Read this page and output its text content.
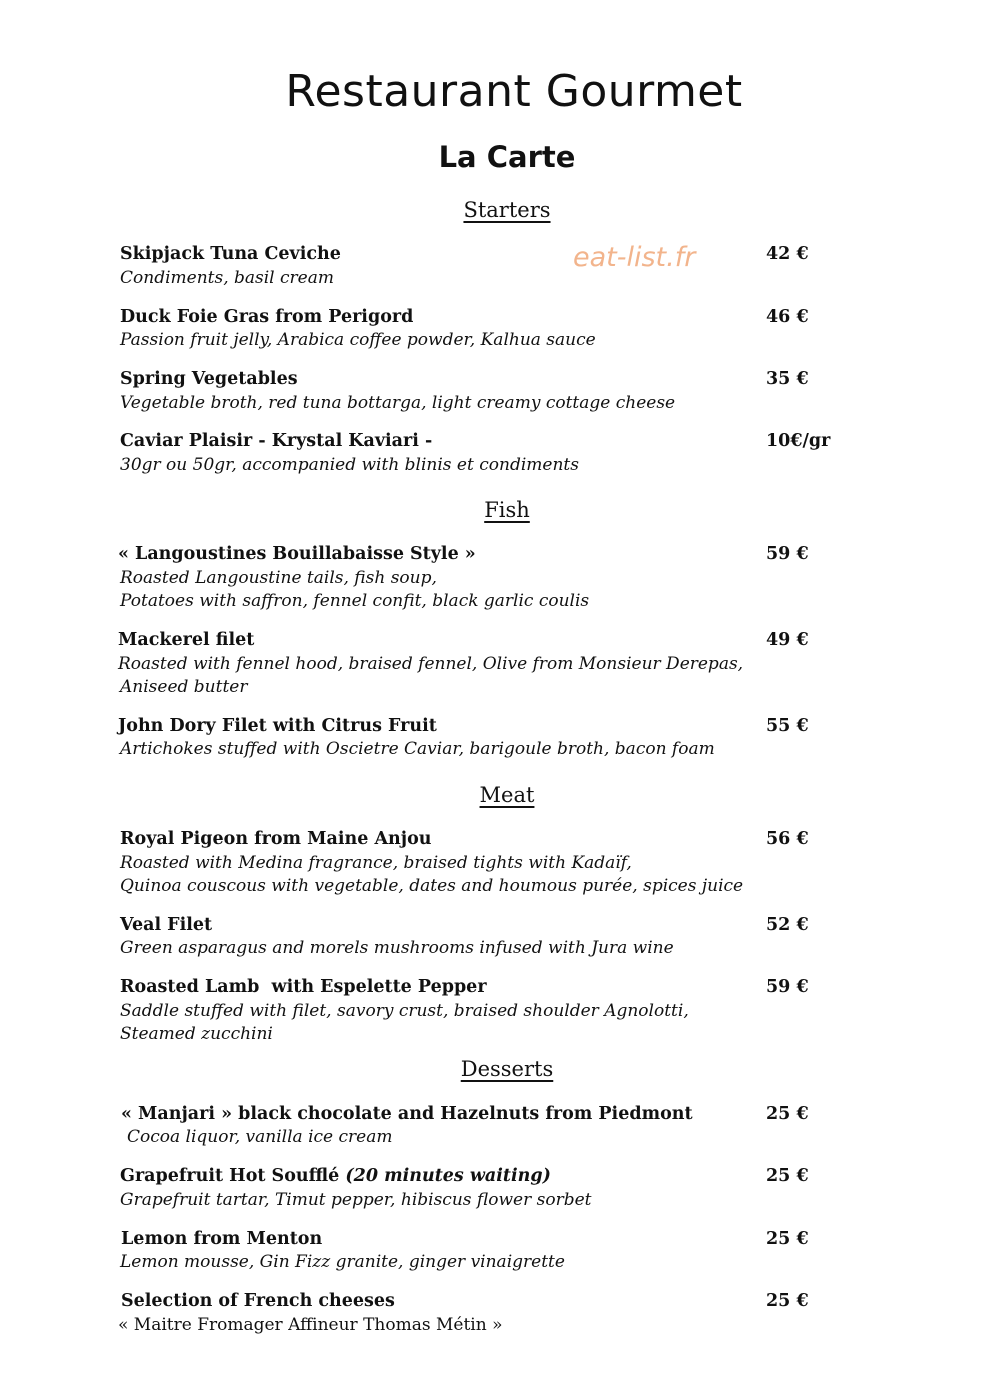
Restaurant Gourmet
La Carte
eat-list.fr
Starters
Skipjack Tuna Ceviche	42 €
Condiments, basil cream
Duck Foie Gras from Perigord	46 €
Passion fruit jelly, Arabica coffee powder, Kalhua sauce
Spring Vegetables	35 €
Vegetable broth, red tuna bottarga, light creamy cottage cheese
Caviar Plaisir - Krystal Kaviari -	10€/gr
30gr ou 50gr, accompanied with blinis et condiments
Fish
« Langoustines Bouillabaisse Style »	59 €
Roasted Langoustine tails, fish soup,
Potatoes with saffron, fennel confit, black garlic coulis
Mackerel filet	49 €
Roasted with fennel hood, braised fennel, Olive from Monsieur Derepas,
Aniseed butter
John Dory Filet with Citrus Fruit	55 €
Artichokes stuffed with Oscietre Caviar, barigoule broth, bacon foam
Meat
Royal Pigeon from Maine Anjou	56 €
Roasted with Medina fragrance, braised tights with Kadaïf,
Quinoa couscous with vegetable, dates and houmous purée, spices juice
Veal Filet	52 €
Green asparagus and morels mushrooms infused with Jura wine
Roasted Lamb  with Espelette Pepper	59 €
Saddle stuffed with filet, savory crust, braised shoulder Agnolotti,
Steamed zucchini
Desserts
« Manjari » black chocolate and Hazelnuts from Piedmont	25 €
Cocoa liquor, vanilla ice cream
Grapefruit Hot Soufflé (20 minutes waiting)	25 €
Grapefruit tartar, Timut pepper, hibiscus flower sorbet
Lemon from Menton	25 €
Lemon mousse, Gin Fizz granite, ginger vinaigrette
Selection of French cheeses	25 €
« Maitre Fromager Affineur Thomas Métin »
